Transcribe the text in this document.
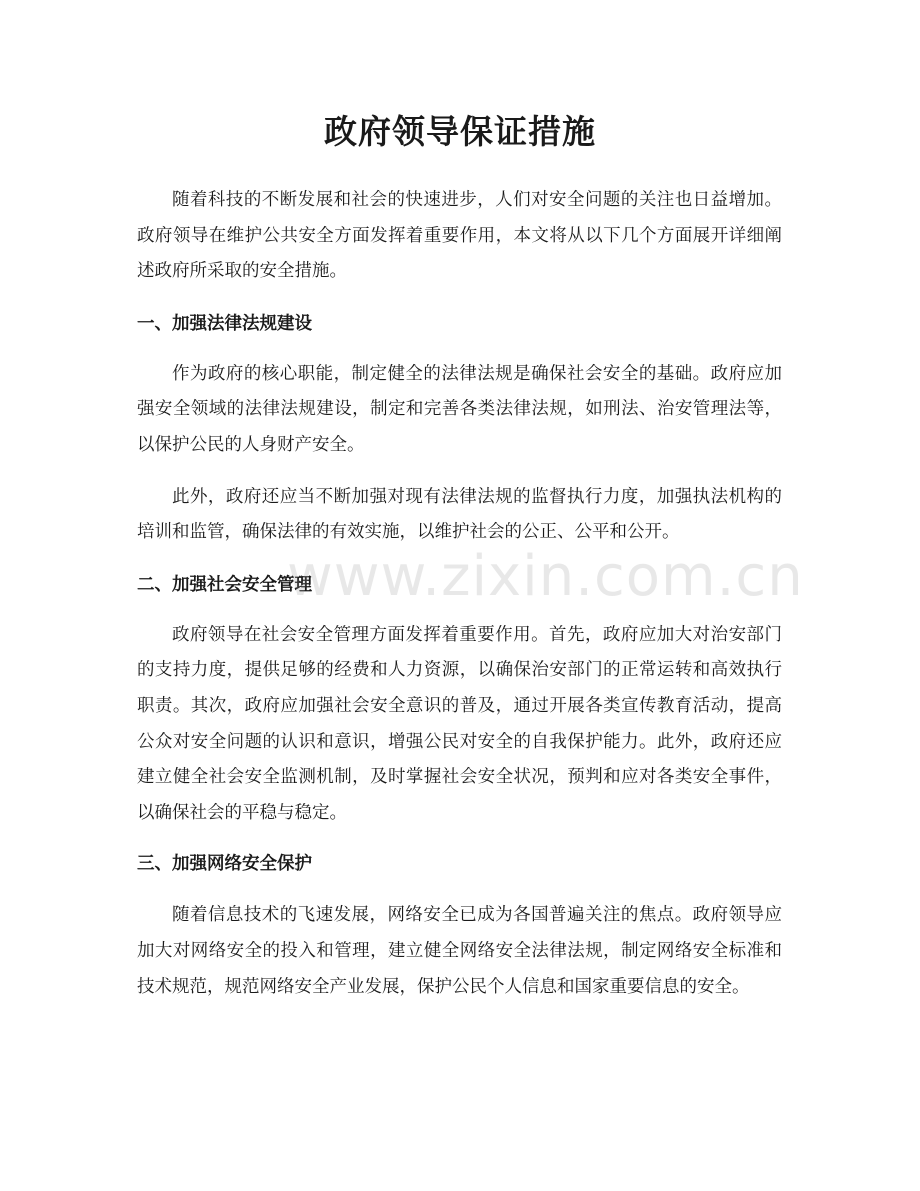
政府领导保证措施

随着科技的不断发展和社会的快速进步，人们对安全问题的关注也日益增加。政府领导在维护公共安全方面发挥着重要作用，本文将从以下几个方面展开详细阐述政府所采取的安全措施。

一、加强法律法规建设

作为政府的核心职能，制定健全的法律法规是确保社会安全的基础。政府应加强安全领域的法律法规建设，制定和完善各类法律法规，如刑法、治安管理法等，以保护公民的人身财产安全。

此外，政府还应当不断加强对现有法律法规的监督执行力度，加强执法机构的培训和监管，确保法律的有效实施，以维护社会的公正、公平和公开。

二、加强社会安全管理

政府领导在社会安全管理方面发挥着重要作用。首先，政府应加大对治安部门的支持力度，提供足够的经费和人力资源，以确保治安部门的正常运转和高效执行职责。其次，政府应加强社会安全意识的普及，通过开展各类宣传教育活动，提高公众对安全问题的认识和意识，增强公民对安全的自我保护能力。此外，政府还应建立健全社会安全监测机制，及时掌握社会安全状况，预判和应对各类安全事件，以确保社会的平稳与稳定。

三、加强网络安全保护

随着信息技术的飞速发展，网络安全已成为各国普遍关注的焦点。政府领导应加大对网络安全的投入和管理，建立健全网络安全法律法规，制定网络安全标准和技术规范，规范网络安全产业发展，保护公民个人信息和国家重要信息的安全。

www.zixin.com.cn
